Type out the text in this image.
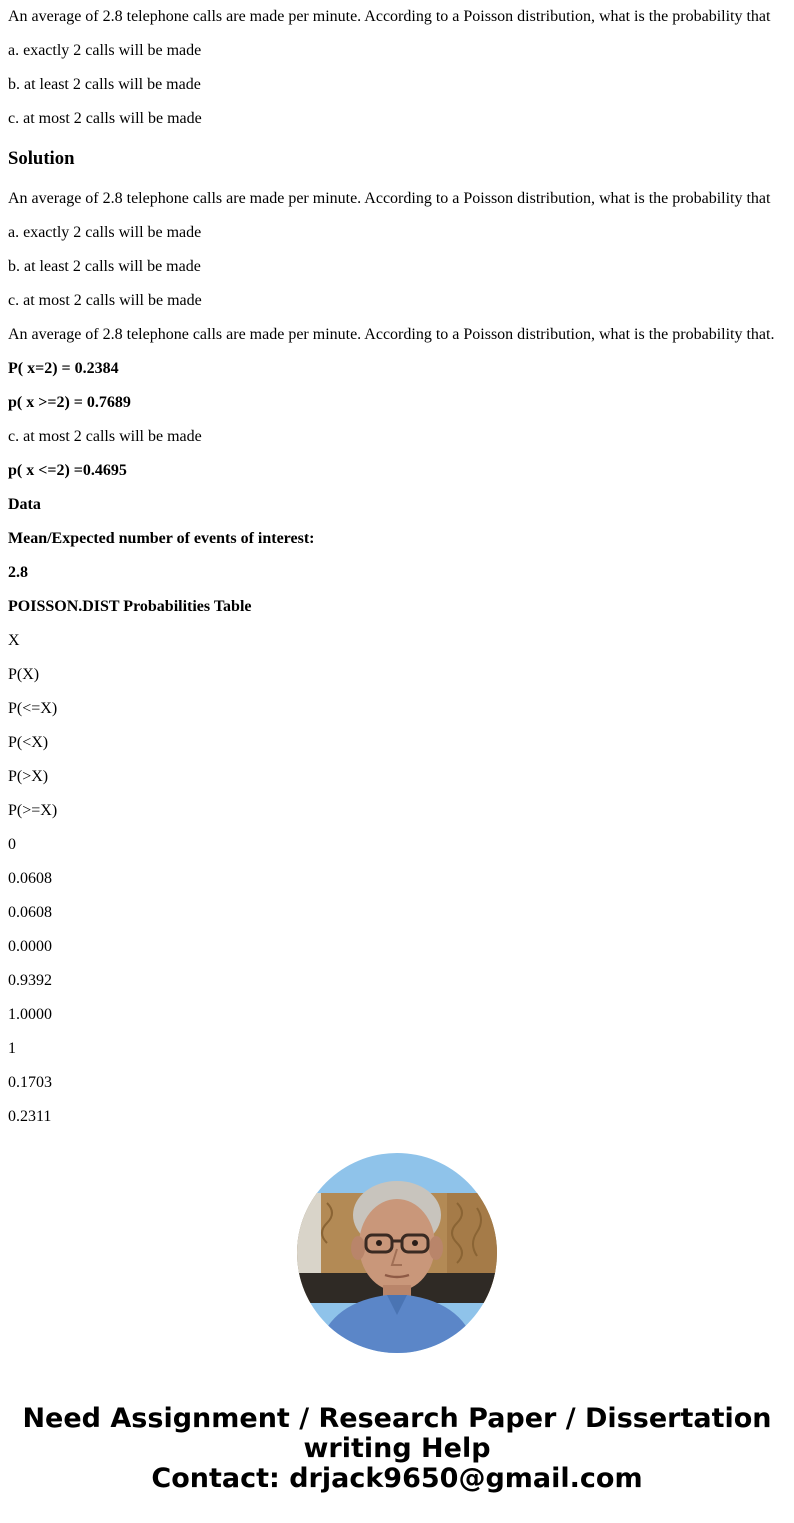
An average of 2.8 telephone calls are made per minute. According to a Poisson distribution, what is the probability that

a. exactly 2 calls will be made

b. at least 2 calls will be made

c. at most 2 calls will be made

Solution

An average of 2.8 telephone calls are made per minute. According to a Poisson distribution, what is the probability that

a. exactly 2 calls will be made

b. at least 2 calls will be made

c. at most 2 calls will be made

An average of 2.8 telephone calls are made per minute. According to a Poisson distribution, what is the probability that.

P( x=2) = 0.2384

p( x >=2) = 0.7689

c. at most 2 calls will be made

p( x <=2) =0.4695

Data

Mean/Expected number of events of interest:

2.8

POISSON.DIST Probabilities Table

X

P(X)

P(<=X)

P(<X)

P(>X)

P(>=X)

0

0.0608

0.0608

0.0000

0.9392

1.0000

1

0.1703

0.2311

Need Assignment / Research Paper / Dissertation
writing Help
Contact: drjack9650@gmail.com
